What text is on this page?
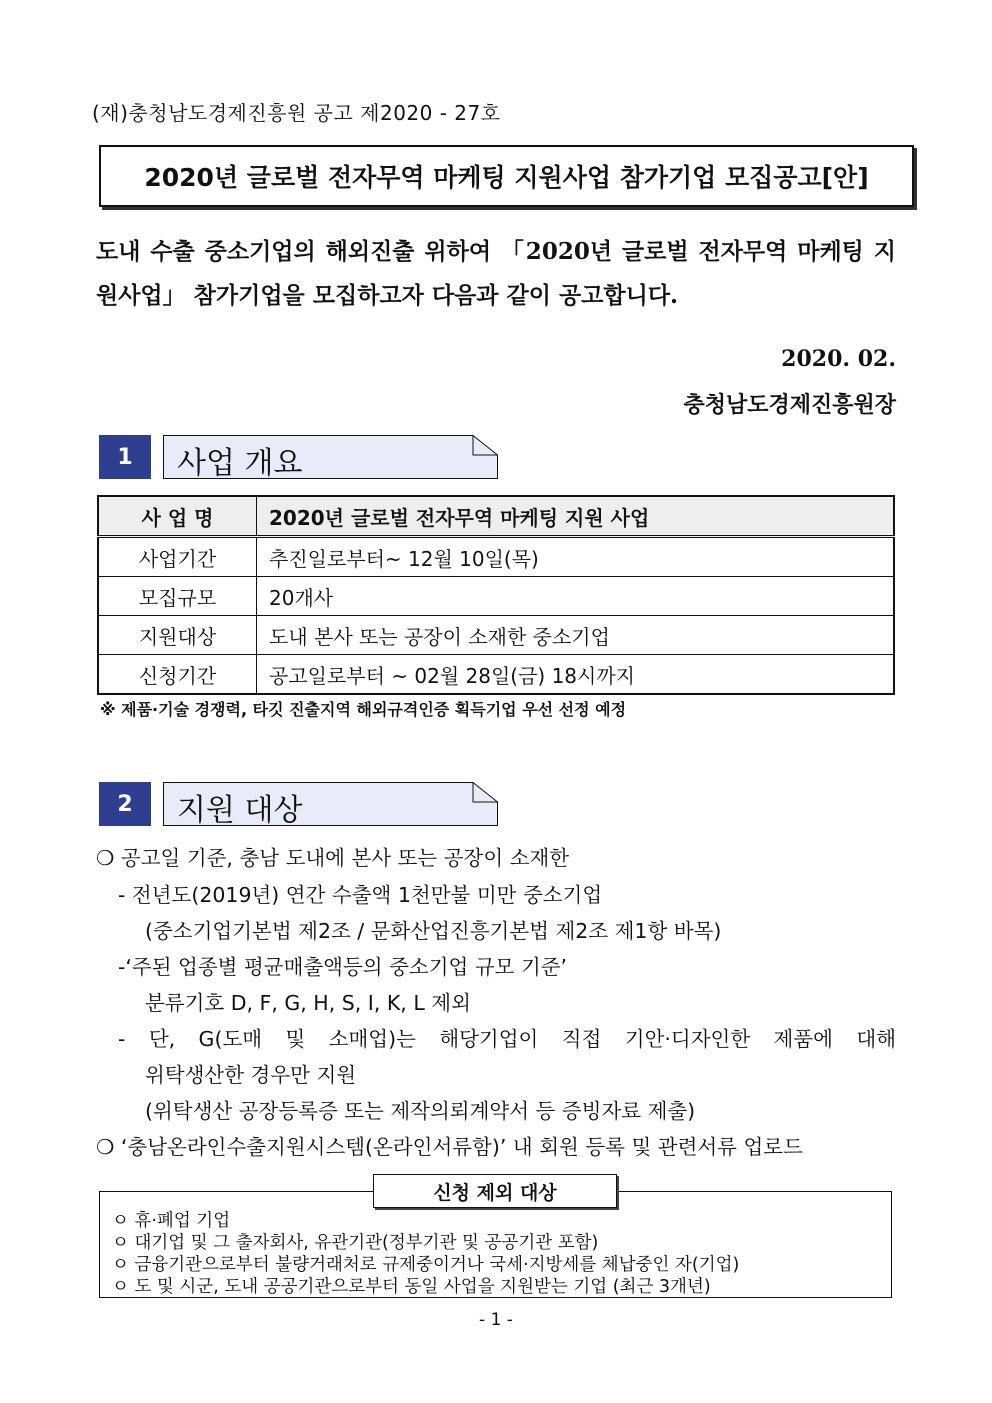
(재)충청남도경제진흥원 공고 제2020 - 27호
2020년 글로벌 전자무역 마케팅 지원사업 참가기업 모집공고[안]
도내 수출 중소기업의 해외진출 위하여 「2020년 글로벌 전자무역 마케팅 지원사업」 참가기업을 모집하고자 다음과 같이 공고합니다.
2020. 02.
충청남도경제진흥원장
1	사업 개요
사 업 명	2020년 글로벌 전자무역 마케팅 지원 사업
사업기간	추진일로부터~ 12월 10일(목)
모집규모	20개사
지원대상	도내 본사 또는 공장이 소재한 중소기업
신청기간	공고일로부터 ~ 02월 28일(금) 18시까지
※ 제품·기술 경쟁력, 타깃 진출지역 해외규격인증 획득기업 우선 선정 예정
2	지원 대상
❍ 공고일 기준, 충남 도내에 본사 또는 공장이 소재한
- 전년도(2019년) 연간 수출액 1천만불 미만 중소기업
(중소기업기본법 제2조 / 문화산업진흥기본법 제2조 제1항 바목)
-‘주된 업종별 평균매출액등의 중소기업 규모 기준’
분류기호 D, F, G, H, S, I, K, L 제외
- 단, G(도매 및 소매업)는 해당기업이 직접 기안·디자인한 제품에 대해
위탁생산한 경우만 지원
(위탁생산 공장등록증 또는 제작의뢰계약서 등 증빙자료 제출)
❍ ‘충남온라인수출지원시스템(온라인서류함)’ 내 회원 등록 및 관련서류 업로드
신청 제외 대상
ㅇ 휴·폐업 기업
ㅇ 대기업 및 그 출자회사, 유관기관(정부기관 및 공공기관 포함)
ㅇ 금융기관으로부터 불량거래처로 규제중이거나 국세·지방세를 체납중인 자(기업)
ㅇ 도 및 시군, 도내 공공기관으로부터 동일 사업을 지원받는 기업 (최근 3개년)
- 1 -
